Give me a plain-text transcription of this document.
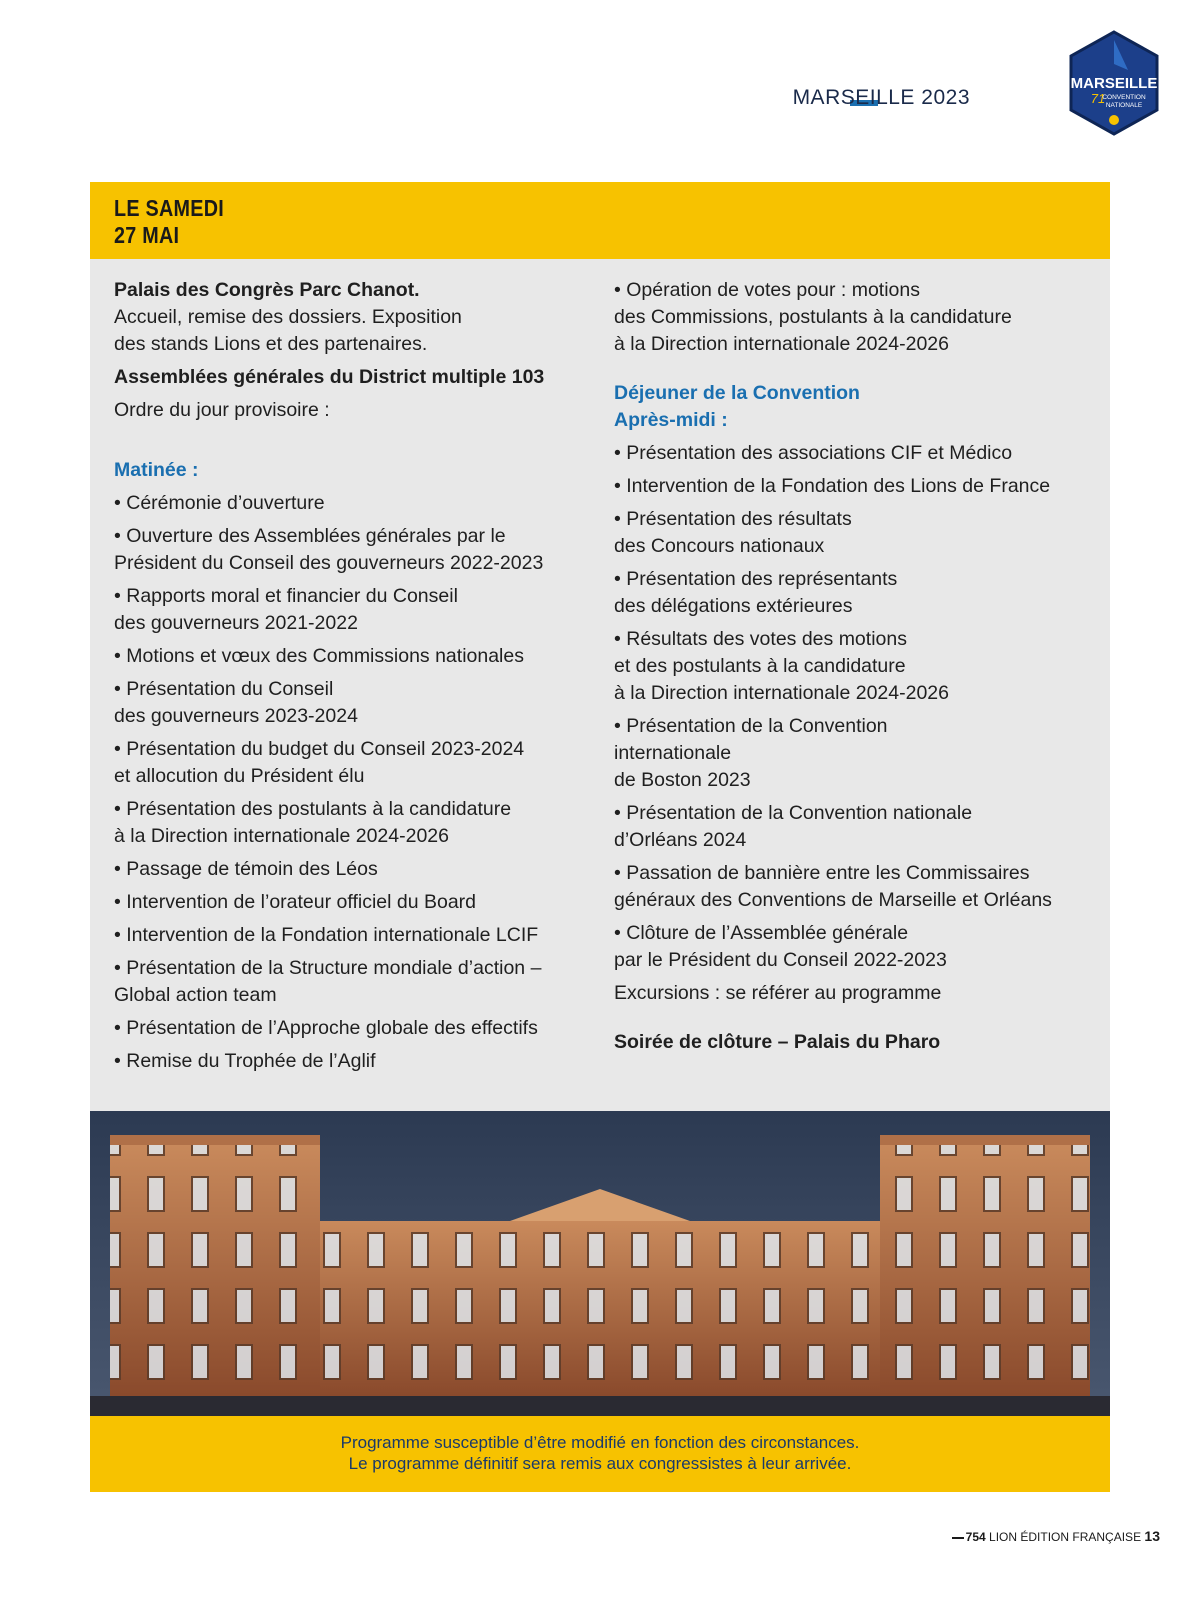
MARSEILLE 2023
MARSEILLE
71
CONVENTION
NATIONALE
LE SAMEDI
27 MAI

Palais des Congrès Parc Chanot.

Accueil, remise des dossiers. Exposition

des stands Lions et des partenaires.

Assemblées générales du District multiple 103

Ordre du jour provisoire :

Matinée :

• Cérémonie d’ouverture

• Ouverture des Assemblées générales par le
Président du Conseil des gouverneurs 2022-2023

• Rapports moral et financier du Conseil
des gouverneurs 2021-2022

• Motions et vœux des Commissions nationales

• Présentation du Conseil
des gouverneurs 2023-2024

• Présentation du budget du Conseil 2023-2024
et allocution du Président élu

• Présentation des postulants à la candidature
à la Direction internationale 2024-2026

• Passage de témoin des Léos

• Intervention de l’orateur officiel du Board

• Intervention de la Fondation internationale LCIF

• Présentation de la Structure mondiale d’action –
Global action team

• Présentation de l’Approche globale des effectifs

• Remise du Trophée de l’Aglif

• Opération de votes pour : motions
des Commissions, postulants à la candidature
à la Direction internationale 2024-2026

Déjeuner de la Convention

Après-midi :

• Présentation des associations CIF et Médico

• Intervention de la Fondation des Lions de France

• Présentation des résultats
des Concours nationaux

• Présentation des représentants
des délégations extérieures

• Résultats des votes des motions
et des postulants à la candidature
à la Direction internationale 2024-2026

• Présentation de la Convention
internationale
de Boston 2023

• Présentation de la Convention nationale
d’Orléans 2024

• Passation de bannière entre les Commissaires
généraux des Conventions de Marseille et Orléans

• Clôture de l’Assemblée générale
par le Président du Conseil 2022-2023

Excursions : se référer au programme

Soirée de clôture – Palais du Pharo

Programme susceptible d’être modifié en fonction des circonstances.
Le programme définitif sera remis aux congressistes à leur arrivée.
754 LION ÉDITION FRANÇAISE 13
